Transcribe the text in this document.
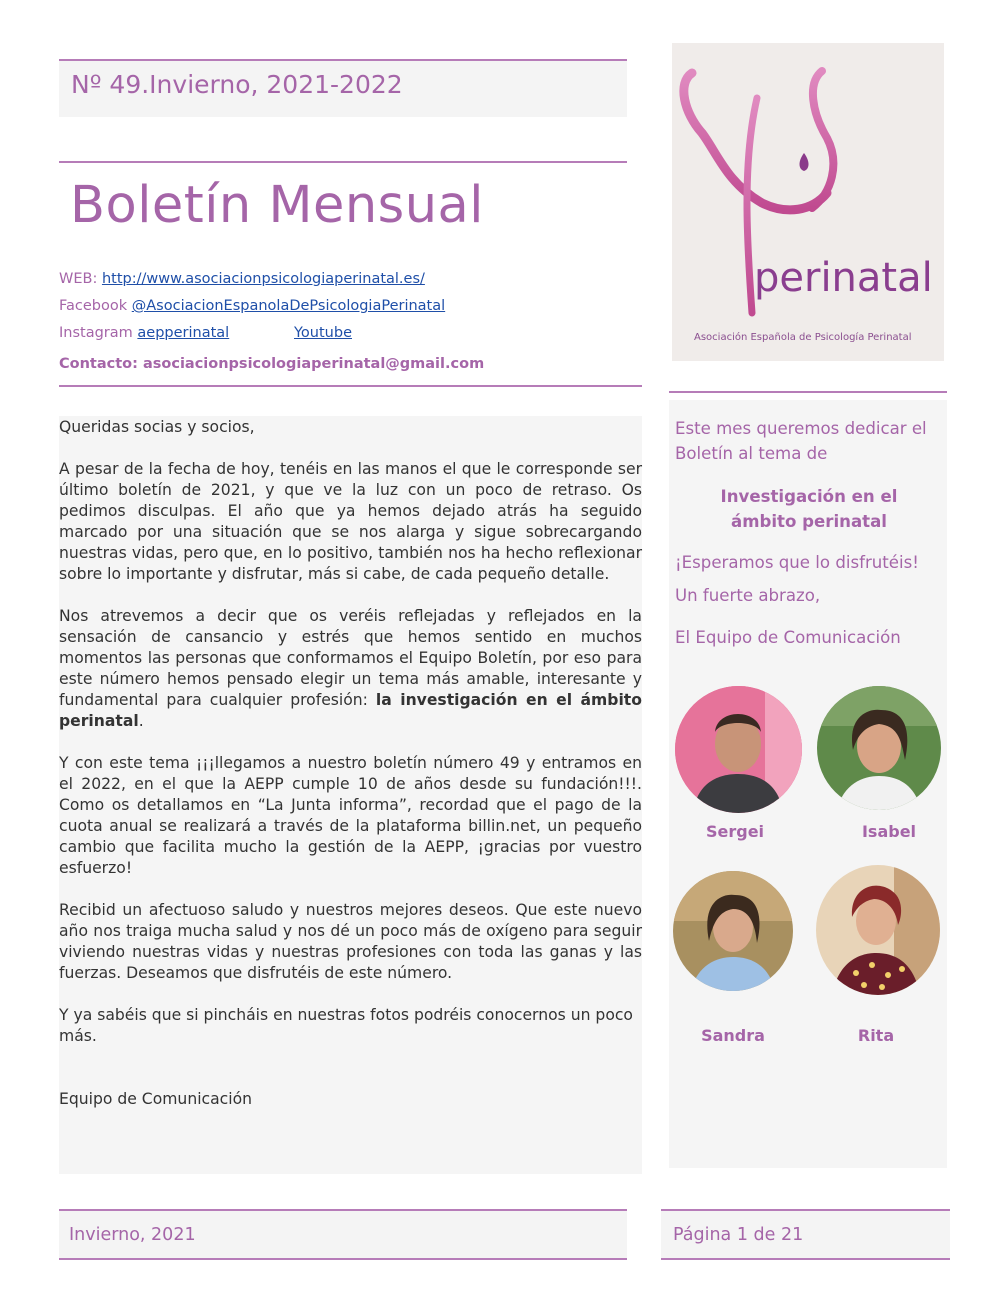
Nº 49.Invierno, 2021-2022
Boletín Mensual
WEB: http://www.asociacionpsicologiaperinatal.es/
Facebook @AsociacionEspanolaDePsicologiaPerinatal
Instagram aepperinatal	Youtube
Contacto: asociacionpsicologiaperinatal@gmail.com

Queridas socias y socios,

A pesar de la fecha de hoy, tenéis en las manos el que le corresponde ser último boletín de 2021, y que ve la luz con un poco de retraso. Os pedimos disculpas. El año que ya hemos dejado atrás ha seguido marcado por una situación que se nos alarga y sigue sobrecargando nuestras vidas, pero que, en lo positivo, también nos ha hecho reflexionar sobre lo importante y disfrutar, más si cabe, de cada pequeño detalle.

Nos atrevemos a decir que os veréis reflejadas y reflejados en la sensación de cansancio y estrés que hemos sentido en muchos momentos las personas que conformamos el Equipo Boletín, por eso para este número hemos pensado elegir un tema más amable, interesante y fundamental para cualquier profesión: la investigación en el ámbito perinatal.

Y con este tema ¡¡¡llegamos a nuestro boletín número 49 y entramos en el 2022, en el que la AEPP cumple 10 de años desde su fundación!!!. Como os detallamos en “La Junta informa”, recordad que el pago de la cuota anual se realizará a través de la plataforma billin.net, un pequeño cambio que facilita mucho la gestión de la AEPP, ¡gracias por vuestro esfuerzo!

Recibid un afectuoso saludo y nuestros mejores deseos. Que este nuevo año nos traiga mucha salud y nos dé un poco más de oxígeno para seguir viviendo nuestras vidas y nuestras profesiones con toda las ganas y las fuerzas. Deseamos que disfrutéis de este número.

Y ya sabéis que si pincháis en nuestras fotos podréis conocernos un poco más.

Equipo de Comunicación

perinatal
Asociación Española de Psicología Perinatal

Este mes queremos dedicar el Boletín al tema de

Investigación en el ámbito perinatal

¡Esperamos que lo disfrutéis!

Un fuerte abrazo,

El Equipo de Comunicación

Sergei	Isabel
Sandra	Rita
Invierno, 2021	Página 1 de 21
